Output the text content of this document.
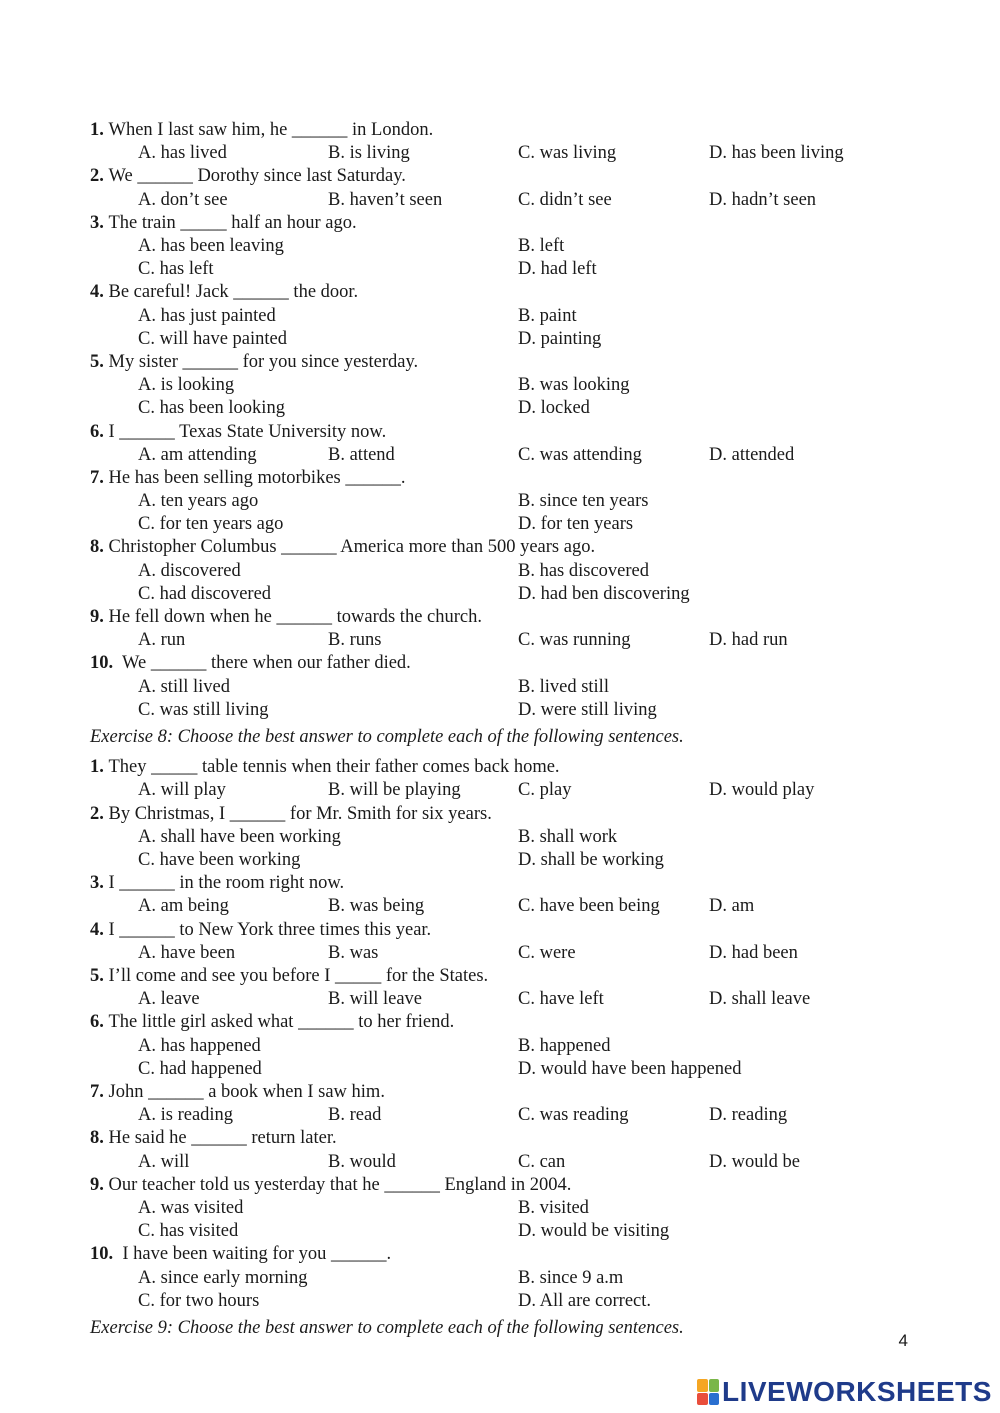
1. When I last saw him, he ______ in London.
A. has lived	B. is living	C. was living	D. has been living
2. We ______ Dorothy since last Saturday.
A. don’t see	B. haven’t seen	C. didn’t see	D. hadn’t seen
3. The train _____ half an hour ago.
A. has been leaving	B. left
C. has left	D. had left
4. Be careful! Jack ______ the door.
A. has just painted	B. paint
C. will have painted	D. painting
5. My sister ______ for you since yesterday.
A. is looking	B. was looking
C. has been looking	D. locked
6. I ______ Texas State University now.
A. am attending	B. attend	C. was attending	D. attended
7. He has been selling motorbikes ______.
A. ten years ago	B. since ten years
C. for ten years ago	D. for ten years
8. Christopher Columbus ______ America more than 500 years ago.
A. discovered	B. has discovered
C. had discovered	D. had ben discovering
9. He fell down when he ______ towards the church.
A. run	B. runs	C. was running	D. had run
10. We ______ there when our father died.
A. still lived	B. lived still
C. was still living	D. were still living
Exercise 8: Choose the best answer to complete each of the following sentences.
1. They _____ table tennis when their father comes back home.
A. will play	B. will be playing	C. play	D. would play
2. By Christmas, I ______ for Mr. Smith for six years.
A. shall have been working	B. shall work
C. have been working	D. shall be working
3. I ______ in the room right now.
A. am being	B. was being	C. have been being	D. am
4. I ______ to New York three times this year.
A. have been	B. was	C. were	D. had been
5. I’ll come and see you before I _____ for the States.
A. leave	B. will leave	C. have left	D. shall leave
6. The little girl asked what ______ to her friend.
A. has happened	B. happened
C. had happened	D. would have been happened
7. John ______ a book when I saw him.
A. is reading	B. read	C. was reading	D. reading
8. He said he ______ return later.
A. will	B. would	C. can	D. would be
9. Our teacher told us yesterday that he ______ England in 2004.
A. was visited	B. visited
C. has visited	D. would be visiting
10. I have been waiting for you ______.
A. since early morning	B. since 9 a.m
C. for two hours	D. All are correct.
Exercise 9: Choose the best answer to complete each of the following sentences.
4
LIVEWORKSHEETS
